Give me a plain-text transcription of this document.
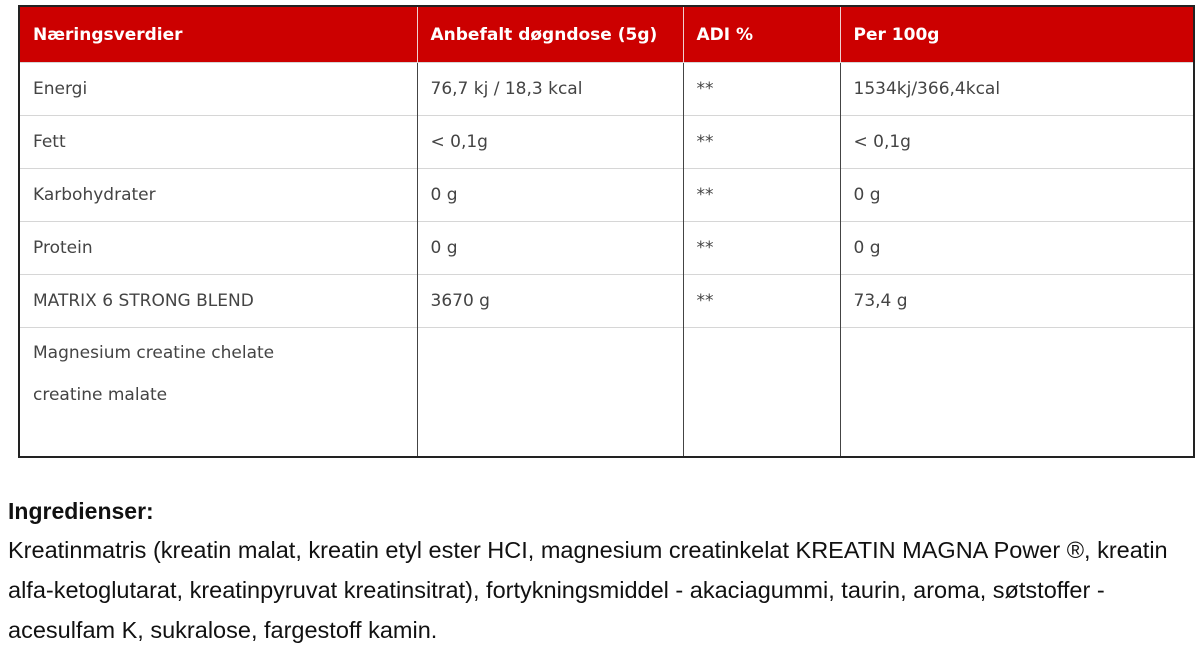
Næringsverdier	Anbefalt døgndose (5g)	ADI %	Per 100g
Energi	76,7 kj / 18,3 kcal	**	1534kj/366,4kcal
Fett	< 0,1g	**	< 0,1g
Karbohydrater	0 g	**	0 g
Protein	0 g	**	0 g
MATRIX 6 STRONG BLEND	3670 g	**	73,4 g

Magnesium creatine chelate
creatine malate			

Ingredienser:
Kreatinmatris (kreatin malat, kreatin etyl ester HCI, magnesium creatinkelat KREATIN MAGNA Power ®, kreatin alfa-ketoglutarat, kreatinpyruvat kreatinsitrat), fortykningsmiddel - akaciagummi, taurin, aroma, søtstoffer - acesulfam K, sukralose, fargestoff kamin.
